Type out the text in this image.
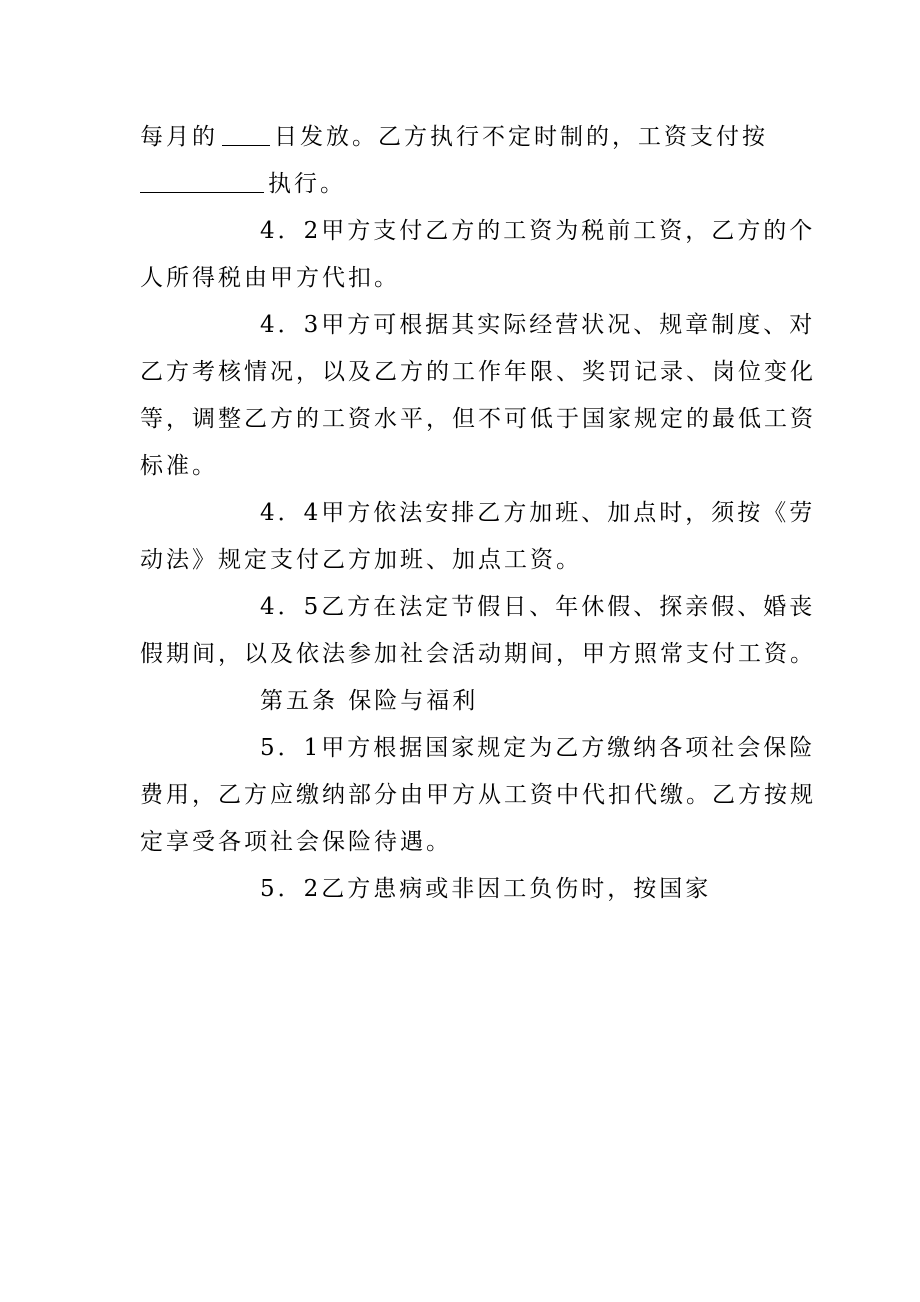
每月的 日发放。乙方执行不定时制的，工资支付按
执行。
4．2甲方支付乙方的工资为税前工资，乙方的个
人所得税由甲方代扣。
4．3甲方可根据其实际经营状况、规章制度、对
乙方考核情况，以及乙方的工作年限、奖罚记录、岗位变化
等，调整乙方的工资水平，但不可低于国家规定的最低工资
标准。
4．4甲方依法安排乙方加班、加点时，须按《劳
动法》规定支付乙方加班、加点工资。
4．5乙方在法定节假日、年休假、探亲假、婚丧
假期间，以及依法参加社会活动期间，甲方照常支付工资。
第五条 保险与福利
5．1甲方根据国家规定为乙方缴纳各项社会保险
费用，乙方应缴纳部分由甲方从工资中代扣代缴。乙方按规
定享受各项社会保险待遇。
5．2乙方患病或非因工负伤时，按国家
